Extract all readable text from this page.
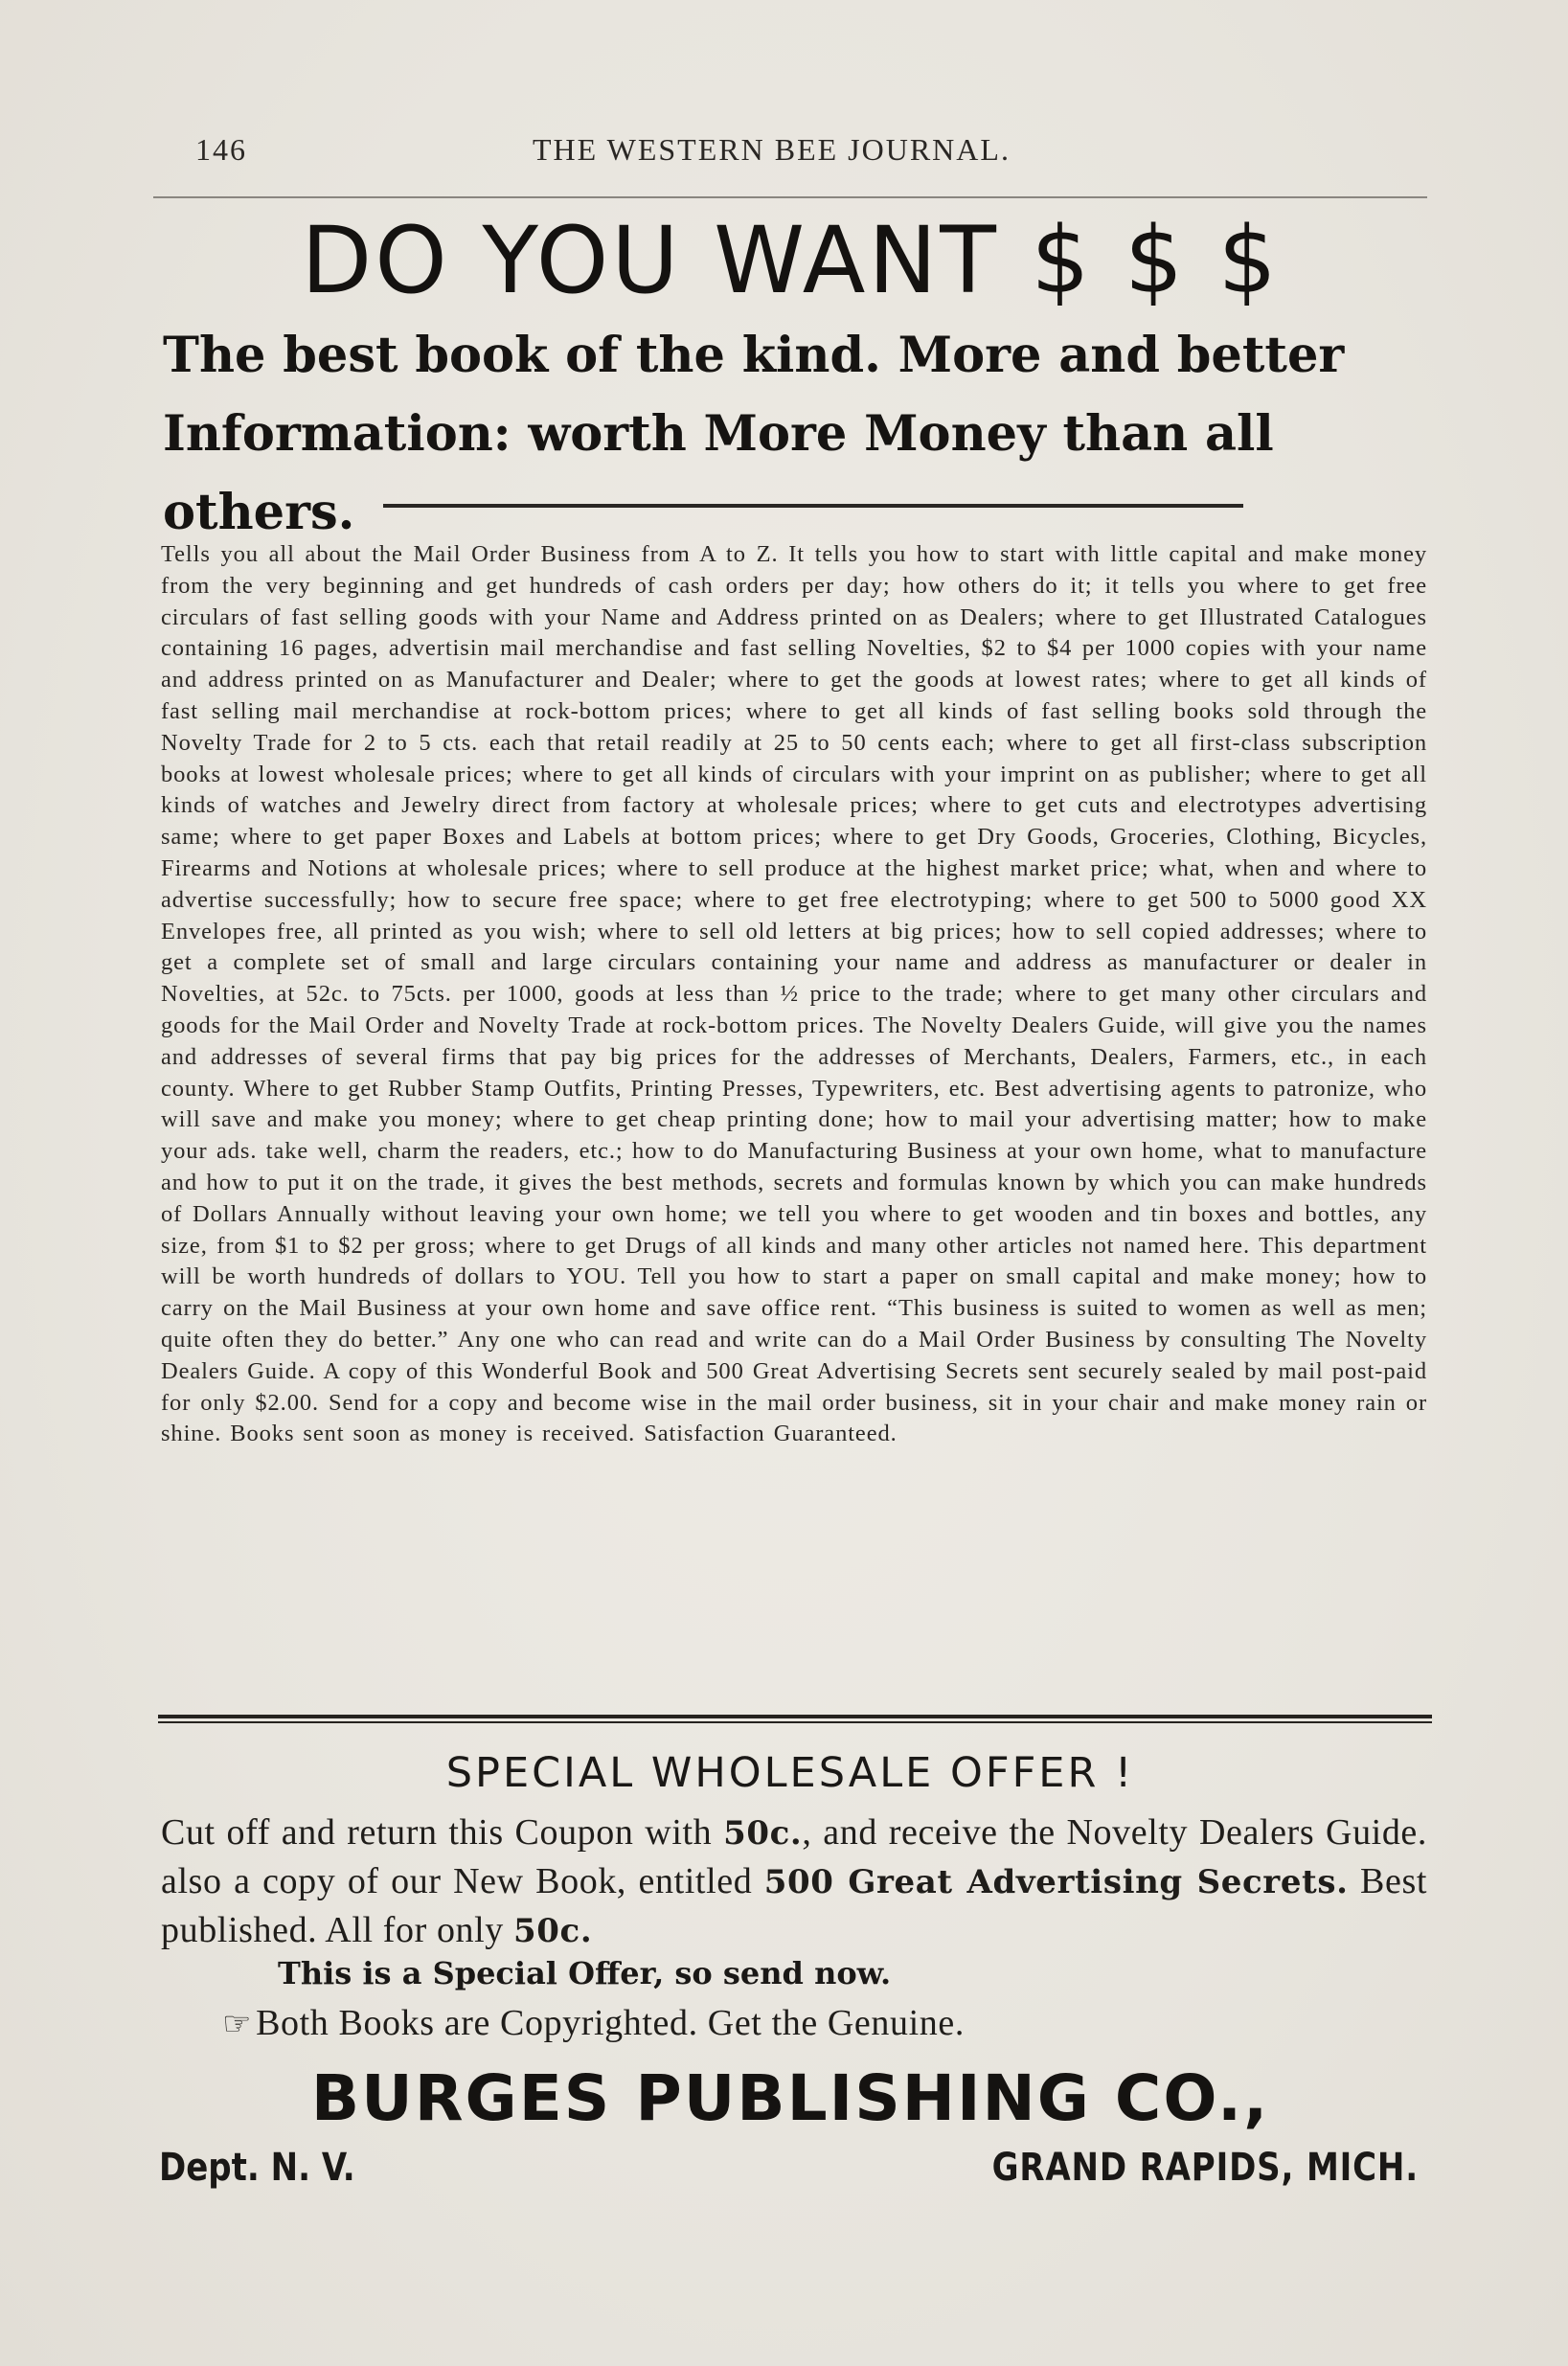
146	THE WESTERN BEE JOURNAL.
DO YOU WANT $ $ $
The best book of the kind. More and better Information: worth More Money than all others.
Tells you all about the Mail Order Business from A to Z. It tells you how to start with little capital and make money from the very beginning and get hundreds of cash orders per day; how others do it; it tells you where to get free circulars of fast selling goods with your Name and Address printed on as Dealers; where to get Illustrated Catalogues containing 16 pages, advertisin mail merchandise and fast selling Novelties, $2 to $4 per 1000 copies with your name and address printed on as Manufacturer and Dealer; where to get the goods at lowest rates; where to get all kinds of fast selling mail merchandise at rock-bottom prices; where to get all kinds of fast selling books sold through the Novelty Trade for 2 to 5 cts. each that retail readily at 25 to 50 cents each; where to get all first-class subscription books at lowest wholesale prices; where to get all kinds of circulars with your imprint on as publisher; where to get all kinds of watches and Jewelry direct from factory at wholesale prices; where to get cuts and electrotypes advertising same; where to get paper Boxes and Labels at bottom prices; where to get Dry Goods, Groceries, Clothing, Bicycles, Firearms and Notions at wholesale prices; where to sell produce at the highest market price; what, when and where to advertise successfully; how to secure free space; where to get free electrotyping; where to get 500 to 5000 good XX Envelopes free, all printed as you wish; where to sell old letters at big prices; how to sell copied addresses; where to get a complete set of small and large circulars containing your name and address as manufacturer or dealer in Novelties, at 52c. to 75cts. per 1000, goods at less than ½ price to the trade; where to get many other circulars and goods for the Mail Order and Novelty Trade at rock-bottom prices. The Novelty Dealers Guide, will give you the names and addresses of several firms that pay big prices for the addresses of Merchants, Dealers, Farmers, etc., in each county. Where to get Rubber Stamp Outfits, Printing Presses, Typewriters, etc. Best advertising agents to patronize, who will save and make you money; where to get cheap printing done; how to mail your advertising matter; how to make your ads. take well, charm the readers, etc.; how to do Manufacturing Business at your own home, what to manufacture and how to put it on the trade, it gives the best methods, secrets and formulas known by which you can make hundreds of Dollars Annually without leaving your own home; we tell you where to get wooden and tin boxes and bottles, any size, from $1 to $2 per gross; where to get Drugs of all kinds and many other articles not named here. This department will be worth hundreds of dollars to YOU. Tell you how to start a paper on small capital and make money; how to carry on the Mail Business at your own home and save office rent. “This business is suited to women as well as men; quite often they do better.” Any one who can read and write can do a Mail Order Business by consulting The Novelty Dealers Guide. A copy of this Wonderful Book and 500 Great Advertising Secrets sent securely sealed by mail post-paid for only $2.00. Send for a copy and become wise in the mail order business, sit in your chair and make money rain or shine. Books sent soon as money is received. Satisfaction Guaranteed.
SPECIAL WHOLESALE OFFER !
Cut off and return this Coupon with 50c., and receive the Novelty Dealers Guide. also a copy of our New Book, entitled 500 Great Advertising Secrets. Best published. All for only 50c.
This is a Special Offer, so send now.
☞ Both Books are Copyrighted. Get the Genuine.
BURGES PUBLISHING CO.,
Dept. N. V.	GRAND RAPIDS, MICH.
